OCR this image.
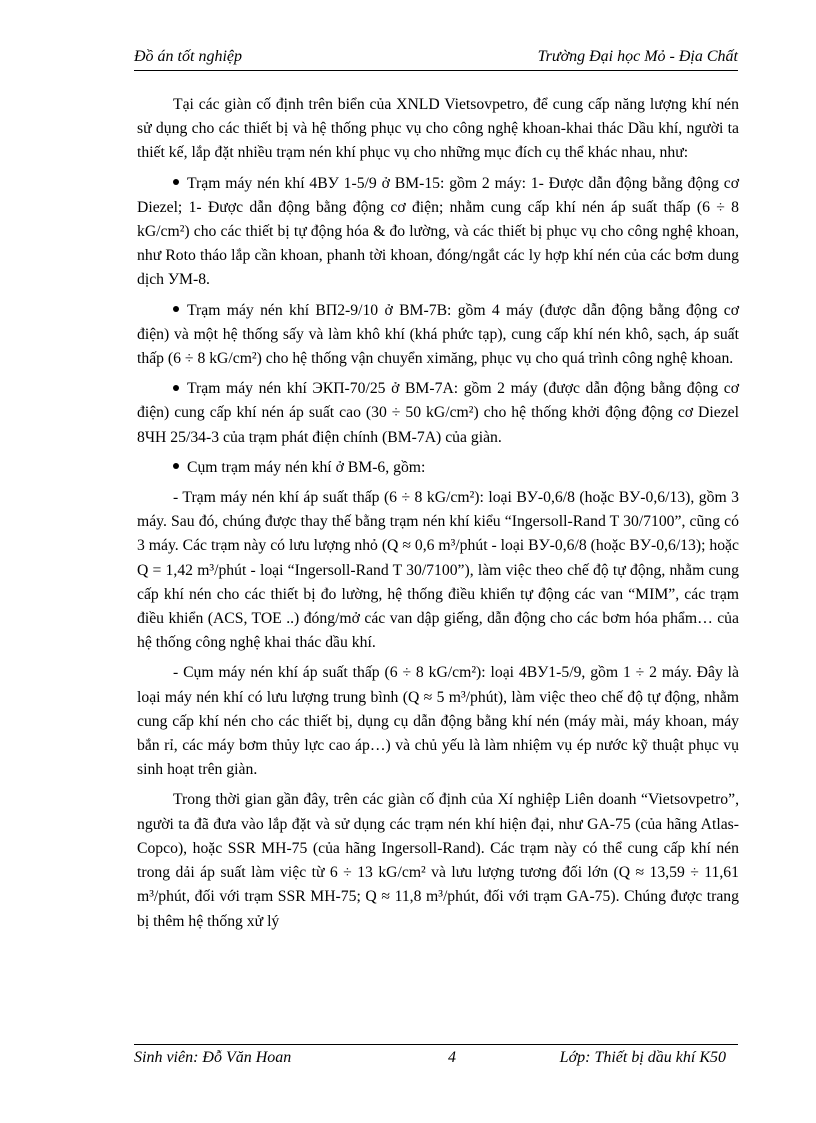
Đồ án tốt nghiệp	Trường Đại học Mỏ - Địa Chất

Tại các giàn cố định trên biển của XNLD Vietsovpetro, để cung cấp năng lượng khí nén sử dụng cho các thiết bị và hệ thống phục vụ cho công nghệ khoan-khai thác Dầu khí, người ta thiết kế, lắp đặt nhiều trạm nén khí phục vụ cho những mục đích cụ thể khác nhau, như:

Trạm máy nén khí 4BУ 1-5/9 ở BM-15: gồm 2 máy: 1- Được dẫn động bằng động cơ Diezel; 1- Được dẫn động bằng động cơ điện; nhằm cung cấp khí nén áp suất thấp (6 ÷ 8 kG/cm²) cho các thiết bị tự động hóa & đo lường, và các thiết bị phục vụ cho công nghệ khoan, như Roto tháo lắp cần khoan, phanh tời khoan, đóng/ngắt các ly hợp khí nén của các bơm dung dịch УМ-8.

Trạm máy nén khí BП2-9/10 ở BM-7B: gồm 4 máy (được dẫn động bằng động cơ điện) và một hệ thống sấy và làm khô khí (khá phức tạp), cung cấp khí nén khô, sạch, áp suất thấp (6 ÷ 8 kG/cm²) cho hệ thống vận chuyển ximăng, phục vụ cho quá trình công nghệ khoan.

Trạm máy nén khí ЭКП-70/25 ở BM-7A: gồm 2 máy (được dẫn động bằng động cơ điện) cung cấp khí nén áp suất cao (30 ÷ 50 kG/cm²) cho hệ thống khởi động động cơ Diezel 8ЧН 25/34-3 của trạm phát điện chính (BM-7A) của giàn.

Cụm trạm máy nén khí ở BM-6, gồm:

- Trạm máy nén khí áp suất thấp (6 ÷ 8 kG/cm²): loại BУ-0,6/8 (hoặc BУ-0,6/13), gồm 3 máy. Sau đó, chúng được thay thế bằng trạm nén khí kiểu “Ingersoll-Rand T 30/7100”, cũng có 3 máy. Các trạm này có lưu lượng nhỏ (Q ≈ 0,6 m³/phút - loại BУ-0,6/8 (hoặc BУ-0,6/13); hoặc Q = 1,42 m³/phút - loại “Ingersoll-Rand T 30/7100”), làm việc theo chế độ tự động, nhằm cung cấp khí nén cho các thiết bị đo lường, hệ thống điều khiển tự động các van “MIM”, các trạm điều khiển (ACS, TOE ..) đóng/mở các van dập giếng, dẫn động cho các bơm hóa phẩm… của hệ thống công nghệ khai thác dầu khí.

- Cụm máy nén khí áp suất thấp (6 ÷ 8 kG/cm²): loại 4BУ1-5/9, gồm 1 ÷ 2 máy. Đây là loại máy nén khí có lưu lượng trung bình (Q ≈ 5 m³/phút), làm việc theo chế độ tự động, nhằm cung cấp khí nén cho các thiết bị, dụng cụ dẫn động bằng khí nén (máy mài, máy khoan, máy bắn rỉ, các máy bơm thủy lực cao áp…) và chủ yếu là làm nhiệm vụ ép nước kỹ thuật phục vụ sinh hoạt trên giàn.

Trong thời gian gần đây, trên các giàn cố định của Xí nghiệp Liên doanh “Vietsovpetro”, người ta đã đưa vào lắp đặt và sử dụng các trạm nén khí hiện đại, như GA-75 (của hãng Atlas-Copco), hoặc SSR MH-75 (của hãng Ingersoll-Rand). Các trạm này có thể cung cấp khí nén trong dải áp suất làm việc từ 6 ÷ 13 kG/cm² và lưu lượng tương đối lớn (Q ≈ 13,59 ÷ 11,61 m³/phút, đối với trạm SSR MH-75; Q ≈ 11,8 m³/phút, đối với trạm GA-75). Chúng được trang bị thêm hệ thống xử lý

Sinh viên: Đỗ Văn Hoan	4	Lớp: Thiết bị dầu khí K50
